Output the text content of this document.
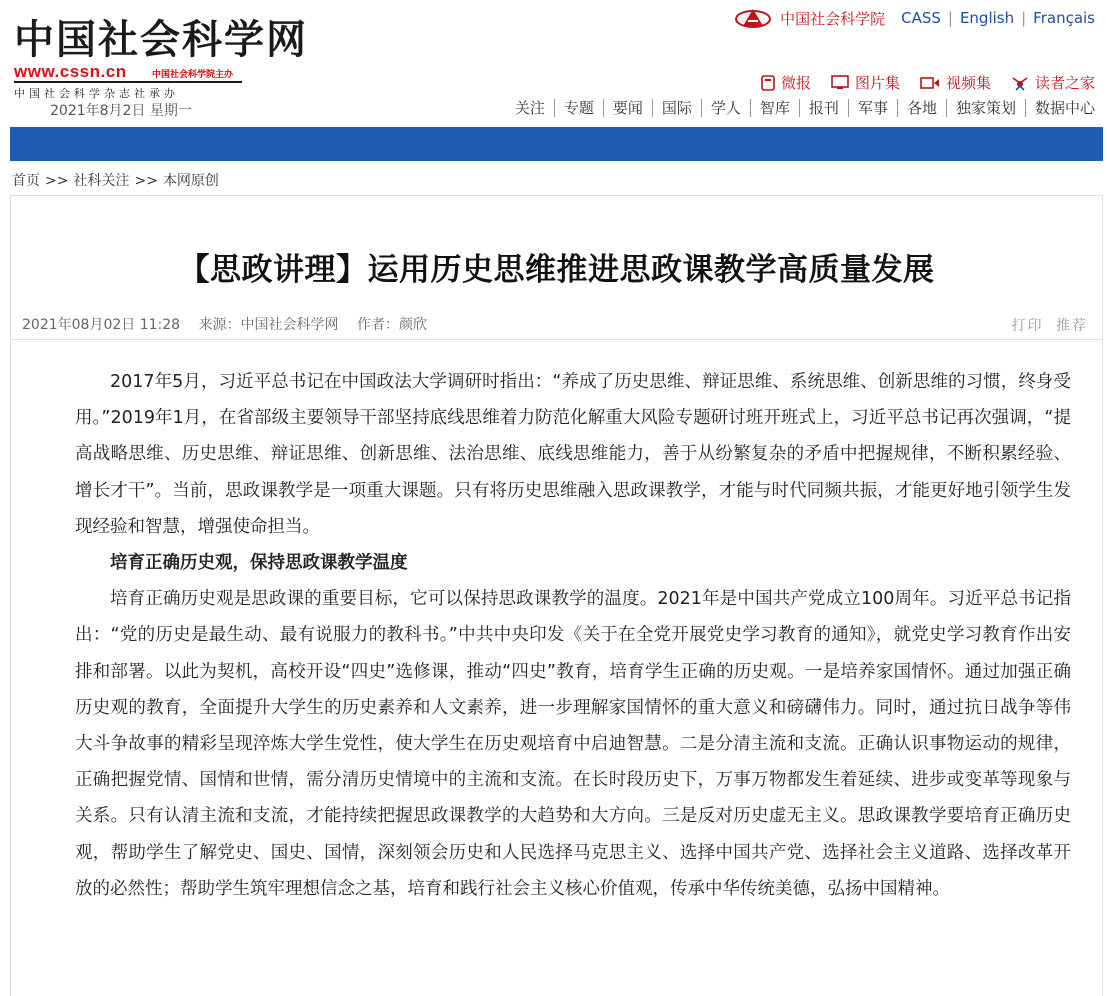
中国社会科学网
www.cssn.cn	中国社会科学院主办
中国社会科学杂志社承办
2021年8月2日 星期一
中国社会科学院 CASS | English | Français
微报	图片集	视频集	读者之家
关注	专题	要闻	国际	学人	智库	报刊	军事	各地	独家策划	数据中心
首页 >> 社科关注 >> 本网原创
【思政讲理】运用历史思维推进思政课教学高质量发展
2021年08月02日 11:28 来源：中国社会科学网 作者：颜欣	打印 推荐

2017年5月，习近平总书记在中国政法大学调研时指出：“养成了历史思维、辩证思维、系统思维、创新思维的习惯，终身受用。”2019年1月，在省部级主要领导干部坚持底线思维着力防范化解重大风险专题研讨班开班式上，习近平总书记再次强调，“提高战略思维、历史思维、辩证思维、创新思维、法治思维、底线思维能力，善于从纷繁复杂的矛盾中把握规律，不断积累经验、增长才干”。当前，思政课教学是一项重大课题。只有将历史思维融入思政课教学，才能与时代同频共振，才能更好地引领学生发现经验和智慧，增强使命担当。

培育正确历史观，保持思政课教学温度

培育正确历史观是思政课的重要目标，它可以保持思政课教学的温度。2021年是中国共产党成立100周年。习近平总书记指出：“党的历史是最生动、最有说服力的教科书。”中共中央印发《关于在全党开展党史学习教育的通知》，就党史学习教育作出安排和部署。以此为契机，高校开设“四史”选修课，推动“四史”教育，培育学生正确的历史观。一是培养家国情怀。通过加强正确历史观的教育，全面提升大学生的历史素养和人文素养，进一步理解家国情怀的重大意义和磅礴伟力。同时，通过抗日战争等伟大斗争故事的精彩呈现淬炼大学生党性，使大学生在历史观培育中启迪智慧。二是分清主流和支流。正确认识事物运动的规律，正确把握党情、国情和世情，需分清历史情境中的主流和支流。在长时段历史下，万事万物都发生着延续、进步或变革等现象与关系。只有认清主流和支流，才能持续把握思政课教学的大趋势和大方向。三是反对历史虚无主义。思政课教学要培育正确历史观，帮助学生了解党史、国史、国情，深刻领会历史和人民选择马克思主义、选择中国共产党、选择社会主义道路、选择改革开放的必然性；帮助学生筑牢理想信念之基，培育和践行社会主义核心价值观，传承中华传统美德，弘扬中国精神。
